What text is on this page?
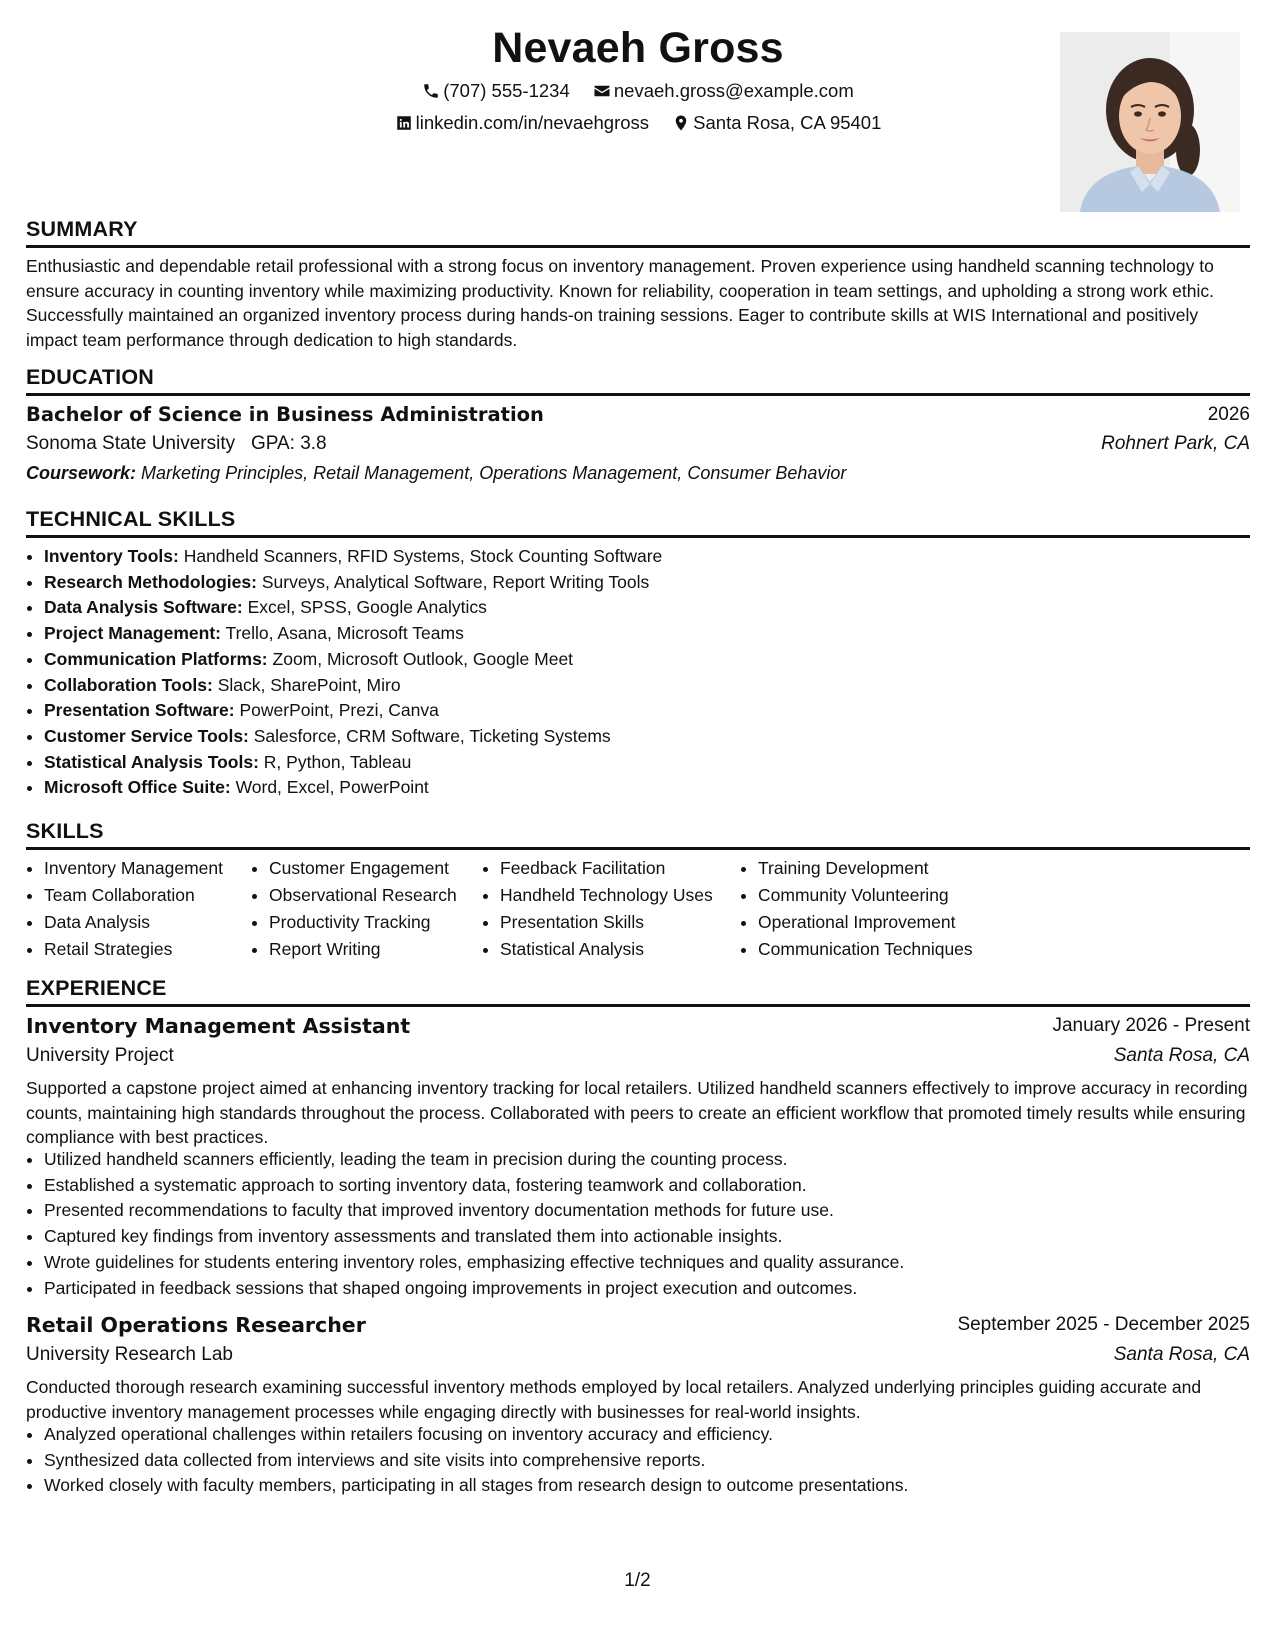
Nevaeh Gross
(707) 555-1234 nevaeh.gross@example.com
linkedin.com/in/nevaehgross Santa Rosa, CA 95401
SUMMARY

Enthusiastic and dependable retail professional with a strong focus on inventory management. Proven experience using handheld scanning technology to ensure accuracy in counting inventory while maximizing productivity. Known for reliability, cooperation in team settings, and upholding a strong work ethic. Successfully maintained an organized inventory process during hands-on training sessions. Eager to contribute skills at WIS International and positively impact team performance through dedication to high standards.

EDUCATION
Bachelor of Science in Business Administration	2026
Sonoma State University GPA: 3.8	Rohnert Park, CA
Coursework: Marketing Principles, Retail Management, Operations Management, Consumer Behavior
TECHNICAL SKILLS
• Inventory Tools: Handheld Scanners, RFID Systems, Stock Counting Software
• Research Methodologies: Surveys, Analytical Software, Report Writing Tools
• Data Analysis Software: Excel, SPSS, Google Analytics
• Project Management: Trello, Asana, Microsoft Teams
• Communication Platforms: Zoom, Microsoft Outlook, Google Meet
• Collaboration Tools: Slack, SharePoint, Miro
• Presentation Software: PowerPoint, Prezi, Canva
• Customer Service Tools: Salesforce, CRM Software, Ticketing Systems
• Statistical Analysis Tools: R, Python, Tableau
• Microsoft Office Suite: Word, Excel, PowerPoint
SKILLS
• Inventory Management
• Team Collaboration
• Data Analysis
• Retail Strategies
• Customer Engagement
• Observational Research
• Productivity Tracking
• Report Writing
• Feedback Facilitation
• Handheld Technology Uses
• Presentation Skills
• Statistical Analysis
• Training Development
• Community Volunteering
• Operational Improvement
• Communication Techniques
EXPERIENCE
Inventory Management Assistant	January 2026 - Present
University Project	Santa Rosa, CA

Supported a capstone project aimed at enhancing inventory tracking for local retailers. Utilized handheld scanners effectively to improve accuracy in recording counts, maintaining high standards throughout the process. Collaborated with peers to create an efficient workflow that promoted timely results while ensuring compliance with best practices.

• Utilized handheld scanners efficiently, leading the team in precision during the counting process.
• Established a systematic approach to sorting inventory data, fostering teamwork and collaboration.
• Presented recommendations to faculty that improved inventory documentation methods for future use.
• Captured key findings from inventory assessments and translated them into actionable insights.
• Wrote guidelines for students entering inventory roles, emphasizing effective techniques and quality assurance.
• Participated in feedback sessions that shaped ongoing improvements in project execution and outcomes.
Retail Operations Researcher	September 2025 - December 2025
University Research Lab	Santa Rosa, CA

Conducted thorough research examining successful inventory methods employed by local retailers. Analyzed underlying principles guiding accurate and productive inventory management processes while engaging directly with businesses for real-world insights.

• Analyzed operational challenges within retailers focusing on inventory accuracy and efficiency.
• Synthesized data collected from interviews and site visits into comprehensive reports.
• Worked closely with faculty members, participating in all stages from research design to outcome presentations.
1/2
